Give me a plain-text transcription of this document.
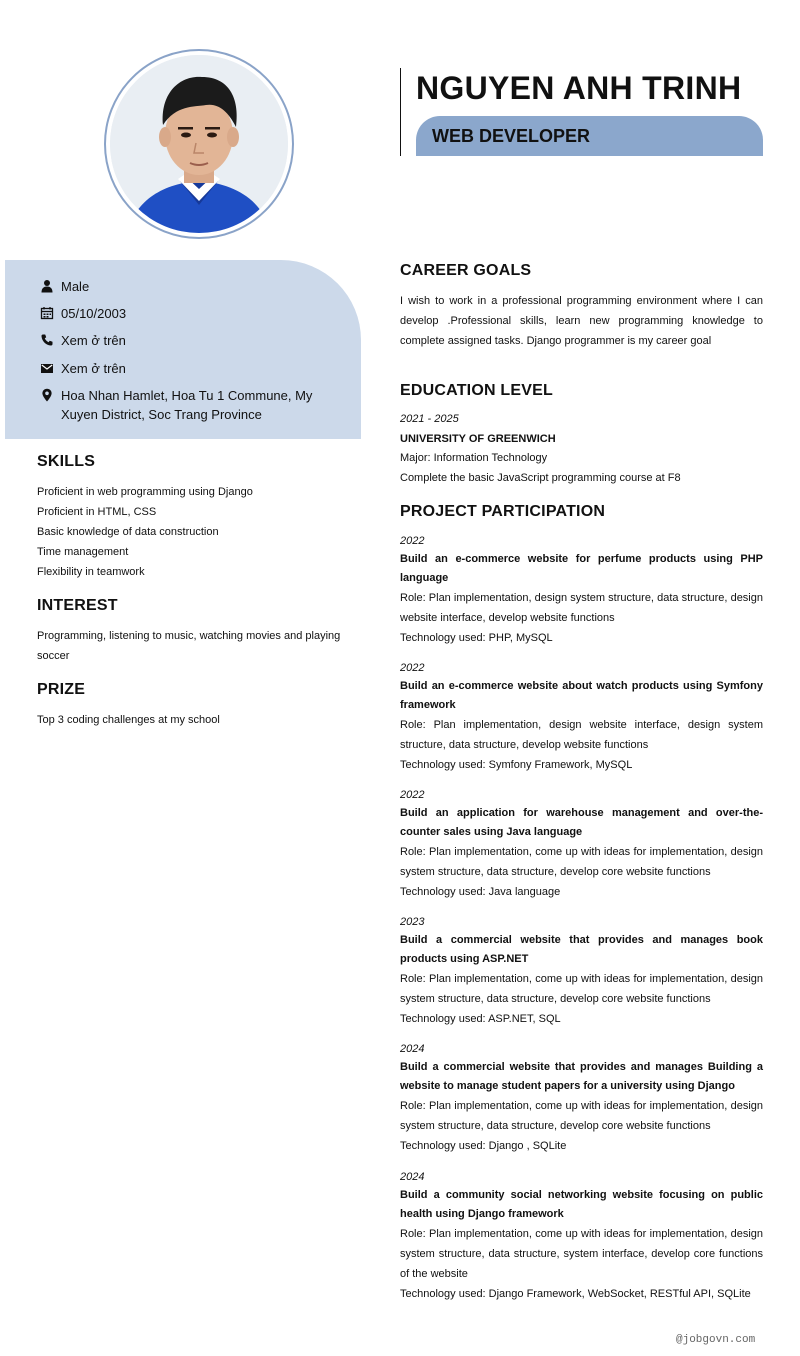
NGUYEN ANH TRINH
WEB DEVELOPER
Male
05/10/2003
Xem ở trên
Xem ở trên
Hoa Nhan Hamlet, Hoa Tu 1 Commune, My Xuyen District, Soc Trang Province
SKILLS
Proficient in web programming using Django
Proficient in HTML, CSS
Basic knowledge of data construction
Time management
Flexibility in teamwork
INTEREST
Programming, listening to music, watching movies and playing soccer
PRIZE
Top 3 coding challenges at my school
CAREER GOALS
I wish to work in a professional programming environment where I can develop .Professional skills, learn new programming knowledge to complete assigned tasks. Django programmer is my career goal
EDUCATION LEVEL
2021 - 2025
UNIVERSITY OF GREENWICH
Major: Information Technology
Complete the basic JavaScript programming course at F8
PROJECT PARTICIPATION
2022
Build an e-commerce website for perfume products using PHP language
Role: Plan implementation, design system structure, data structure, design website interface, develop website functions
Technology used: PHP, MySQL
2022
Build an e-commerce website about watch products using Symfony framework
Role: Plan implementation, design website interface, design system structure, data structure, develop website functions
Technology used: Symfony Framework, MySQL
2022
Build an application for warehouse management and over-the-counter sales using Java language
Role: Plan implementation, come up with ideas for implementation, design system structure, data structure, develop core website functions
Technology used: Java language
2023
Build a commercial website that provides and manages book products using ASP.NET
Role: Plan implementation, come up with ideas for implementation, design system structure, data structure, develop core website functions
Technology used: ASP.NET, SQL
2024
Build a commercial website that provides and manages Building a website to manage student papers for a university using Django
Role: Plan implementation, come up with ideas for implementation, design system structure, data structure, develop core website functions
Technology used: Django , SQLite
2024
Build a community social networking website focusing on public health using Django framework
Role: Plan implementation, come up with ideas for implementation, design system structure, data structure, system interface, develop core functions of the website
Technology used: Django Framework, WebSocket, RESTful API, SQLite
@jobgovn.com
